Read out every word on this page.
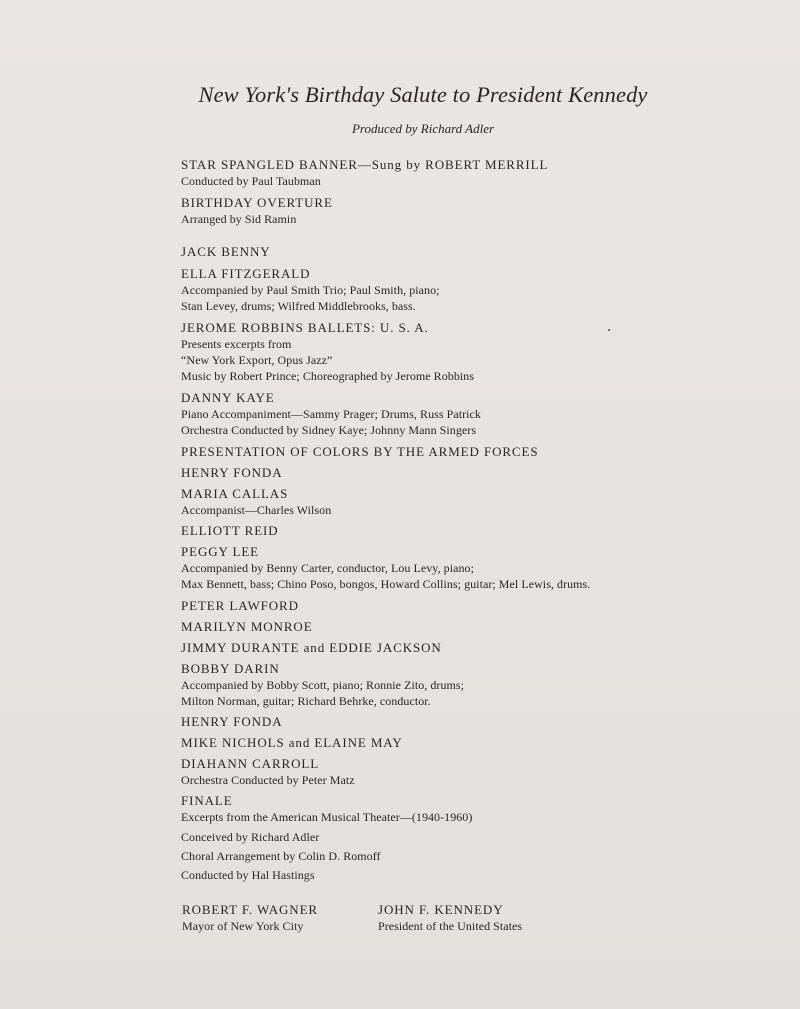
New York's Birthday Salute to President Kennedy
Produced by Richard Adler
STAR SPANGLED BANNER—Sung by ROBERT MERRILL
Conducted by Paul Taubman
BIRTHDAY OVERTURE
Arranged by Sid Ramin
JACK BENNY
ELLA FITZGERALD
Accompanied by Paul Smith Trio; Paul Smith, piano;
Stan Levey, drums; Wilfred Middlebrooks, bass.
JEROME ROBBINS BALLETS: U. S. A.
Presents excerpts from
“New York Export, Opus Jazz”
Music by Robert Prince; Choreographed by Jerome Robbins
DANNY KAYE
Piano Accompaniment—Sammy Prager; Drums, Russ Patrick
Orchestra Conducted by Sidney Kaye; Johnny Mann Singers
PRESENTATION OF COLORS BY THE ARMED FORCES
HENRY FONDA
MARIA CALLAS
Accompanist—Charles Wilson
ELLIOTT REID
PEGGY LEE
Accompanied by Benny Carter, conductor, Lou Levy, piano;
Max Bennett, bass; Chino Poso, bongos, Howard Collins; guitar; Mel Lewis, drums.
PETER LAWFORD
MARILYN MONROE
JIMMY DURANTE and EDDIE JACKSON
BOBBY DARIN
Accompanied by Bobby Scott, piano; Ronnie Zito, drums;
Milton Norman, guitar; Richard Behrke, conductor.
HENRY FONDA
MIKE NICHOLS and ELAINE MAY
DIAHANN CARROLL
Orchestra Conducted by Peter Matz
FINALE
Excerpts from the American Musical Theater—(1940-1960)
Conceived by Richard Adler
Choral Arrangement by Colin D. Romoff
Conducted by Hal Hastings
ROBERT F. WAGNER
Mayor of New York City
JOHN F. KENNEDY
President of the United States
